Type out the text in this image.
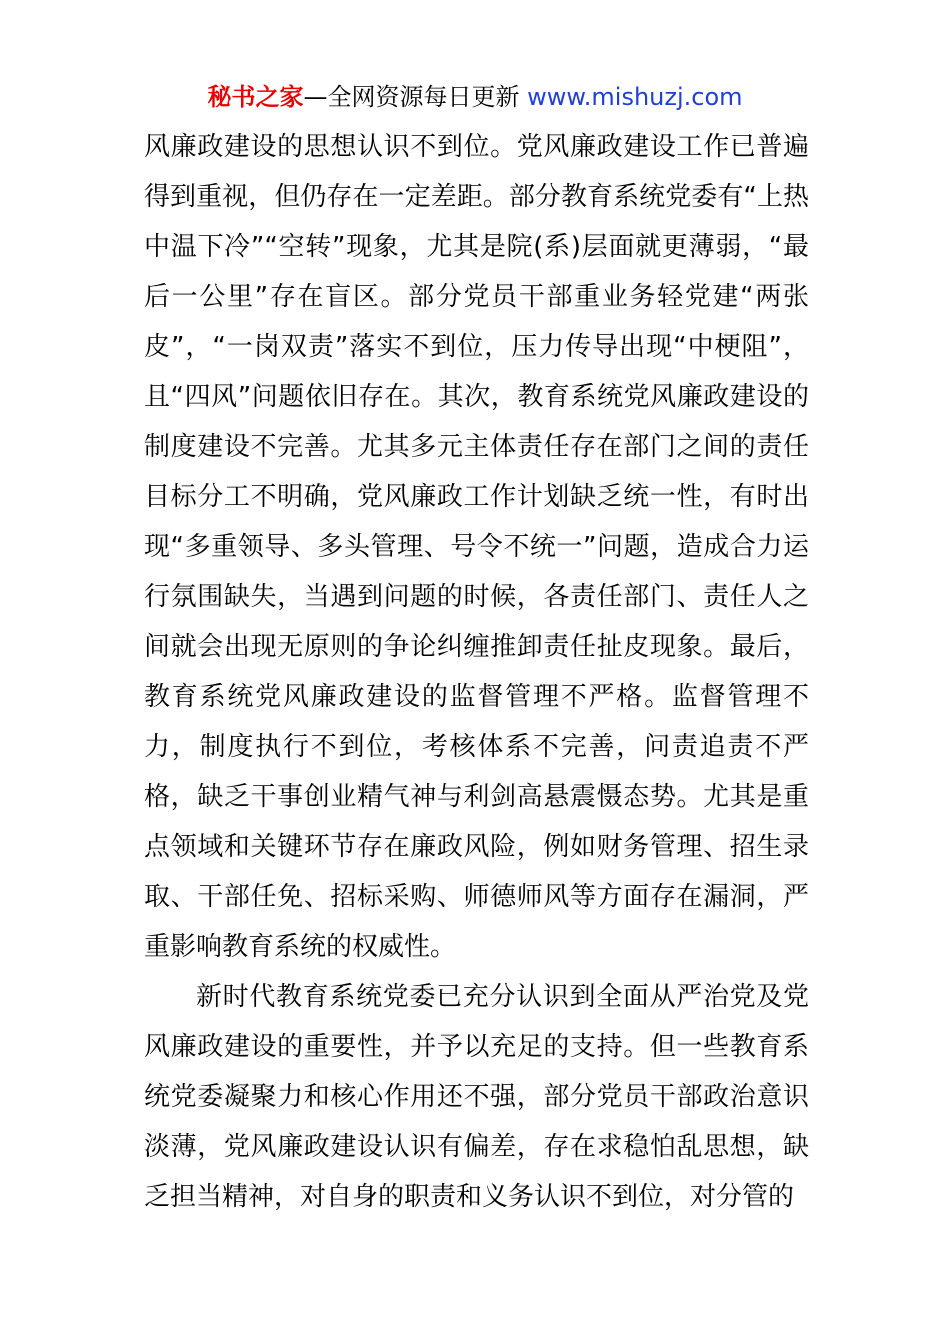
秘书之家—全网资源每日更新 www.mishuzj.com

风廉政建设的思想认识不到位。党风廉政建设工作已普遍得到重视，但仍存在一定差距。部分教育系统党委有“上热中温下冷”“空转”现象，尤其是院(系)层面就更薄弱，“最后一公里”存在盲区。部分党员干部重业务轻党建“两张皮”，“一岗双责”落实不到位，压力传导出现“中梗阻”，且“四风”问题依旧存在。其次，教育系统党风廉政建设的制度建设不完善。尤其多元主体责任存在部门之间的责任目标分工不明确，党风廉政工作计划缺乏统一性，有时出现“多重领导、多头管理、号令不统一”问题，造成合力运行氛围缺失，当遇到问题的时候，各责任部门、责任人之间就会出现无原则的争论纠缠推卸责任扯皮现象。最后，教育系统党风廉政建设的监督管理不严格。监督管理不力，制度执行不到位，考核体系不完善，问责追责不严格，缺乏干事创业精气神与利剑高悬震慑态势。尤其是重点领域和关键环节存在廉政风险，例如财务管理、招生录取、干部任免、招标采购、师德师风等方面存在漏洞，严重影响教育系统的权威性。

新时代教育系统党委已充分认识到全面从严治党及党风廉政建设的重要性，并予以充足的支持。但一些教育系统党委凝聚力和核心作用还不强，部分党员干部政治意识淡薄，党风廉政建设认识有偏差，存在求稳怕乱思想，缺乏担当精神，对自身的职责和义务认识不到位，对分管的
